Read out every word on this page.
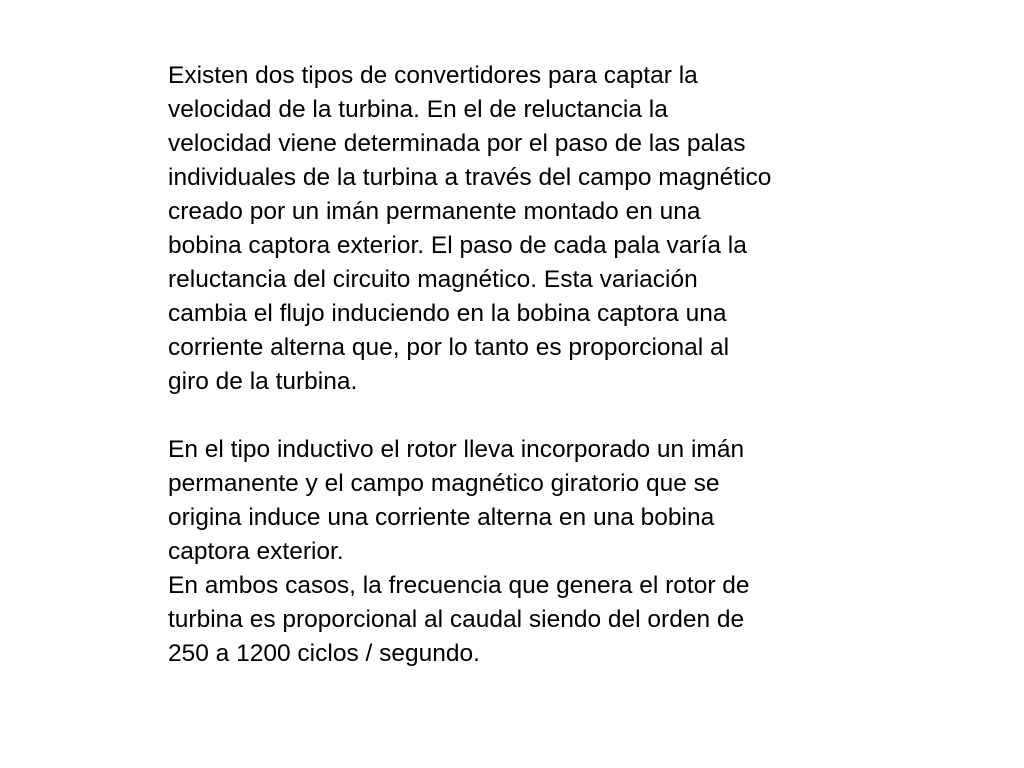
Existen dos tipos de convertidores para captar la
velocidad de la turbina. En el de reluctancia la
velocidad viene determinada por el paso de las palas
individuales de la turbina a través del campo magnético
creado por un imán permanente montado en una
bobina captora exterior. El paso de cada pala varía la
reluctancia del circuito magnético. Esta variación
cambia el flujo induciendo en la bobina captora una
corriente alterna que, por lo tanto es proporcional al
giro de la turbina.
En el tipo inductivo el rotor lleva incorporado un imán
permanente y el campo magnético giratorio que se
origina induce una corriente alterna en una bobina
captora exterior.
En ambos casos, la frecuencia que genera el rotor de
turbina es proporcional al caudal siendo del orden de
250 a 1200 ciclos / segundo.
